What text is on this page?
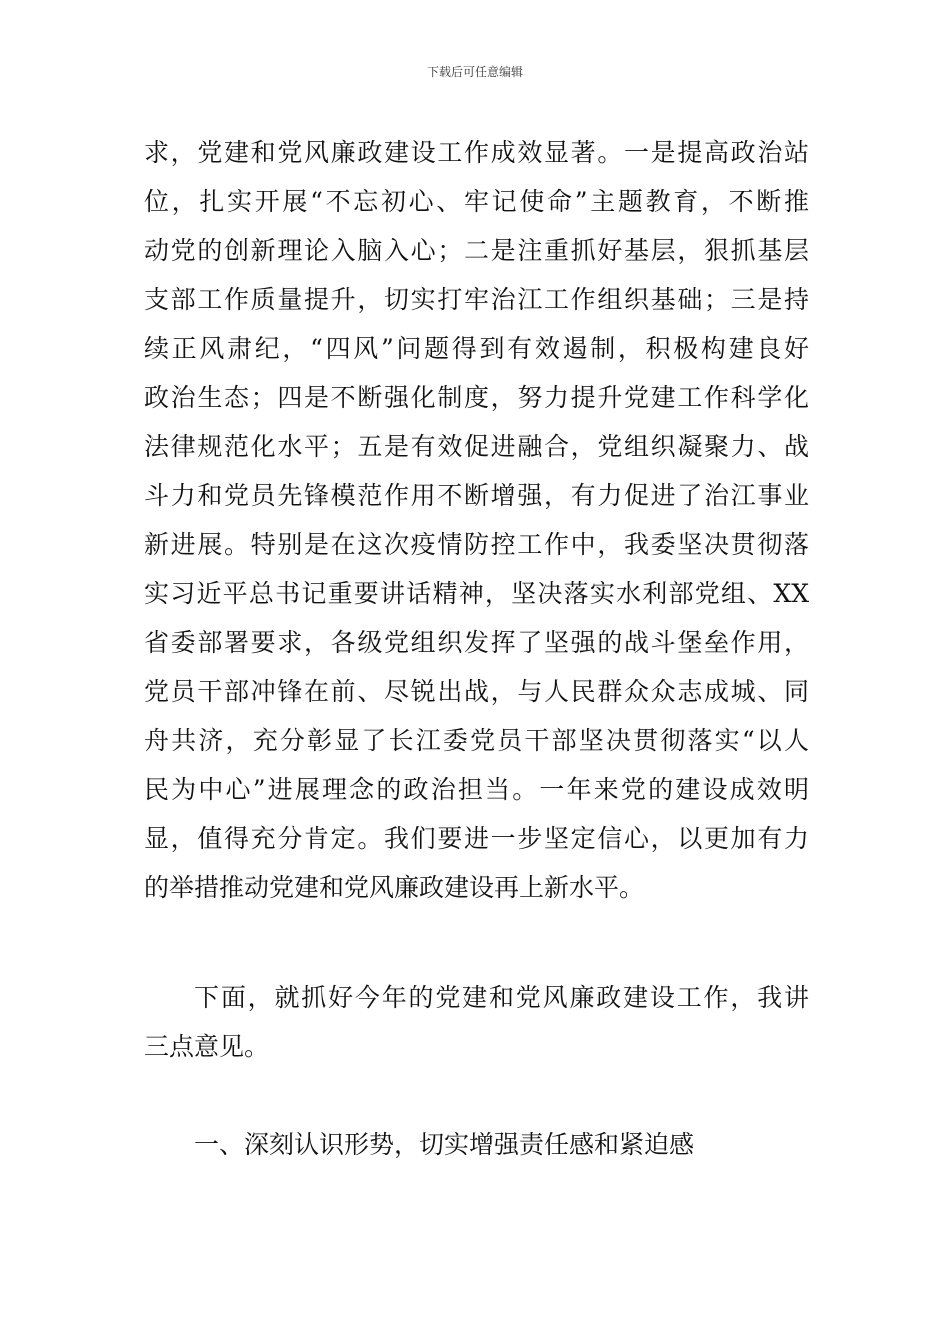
下载后可任意编辑
求，党建和党风廉政建设工作成效显著。一是提高政治站
位，扎实开展“不忘初心、牢记使命”主题教育，不断推
动党的创新理论入脑入心；二是注重抓好基层，狠抓基层
支部工作质量提升，切实打牢治江工作组织基础；三是持
续正风肃纪，“四风”问题得到有效遏制，积极构建良好
政治生态；四是不断强化制度，努力提升党建工作科学化
法律规范化水平；五是有效促进融合，党组织凝聚力、战
斗力和党员先锋模范作用不断增强，有力促进了治江事业
新进展。特别是在这次疫情防控工作中，我委坚决贯彻落
实习近平总书记重要讲话精神，坚决落实水利部党组、XX
省委部署要求，各级党组织发挥了坚强的战斗堡垒作用，
党员干部冲锋在前、尽锐出战，与人民群众众志成城、同
舟共济，充分彰显了长江委党员干部坚决贯彻落实“以人
民为中心”进展理念的政治担当。一年来党的建设成效明
显，值得充分肯定。我们要进一步坚定信心，以更加有力
的举措推动党建和党风廉政建设再上新水平。
下面，就抓好今年的党建和党风廉政建设工作，我讲
三点意见。
一、深刻认识形势，切实增强责任感和紧迫感
